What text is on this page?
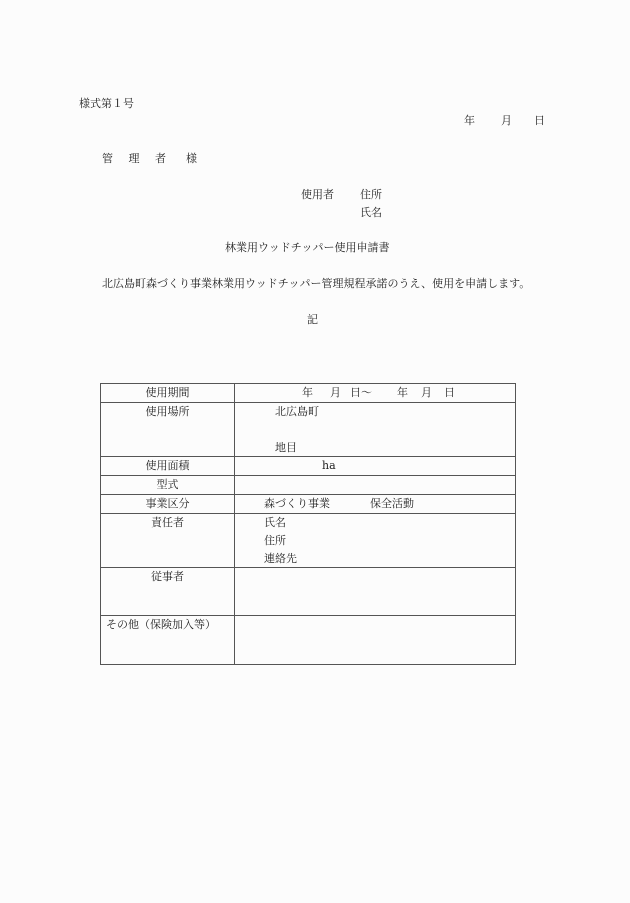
様式第１号
年 月 日
管 理 者 様
使用者 住所
氏名
林業用ウッドチッパー使用申請書
北広島町森づくり事業林業用ウッドチッパー管理規程承諾のうえ、使用を申請します。
記
使用期間	年 月 日〜 年 月 日

使用場所	北広島町
地目

使用面積	ha

型式	
事業区分	森づくり事業 保全活動

責任者	氏名
住所
連絡先

従事者	
その他（保険加入等）	
